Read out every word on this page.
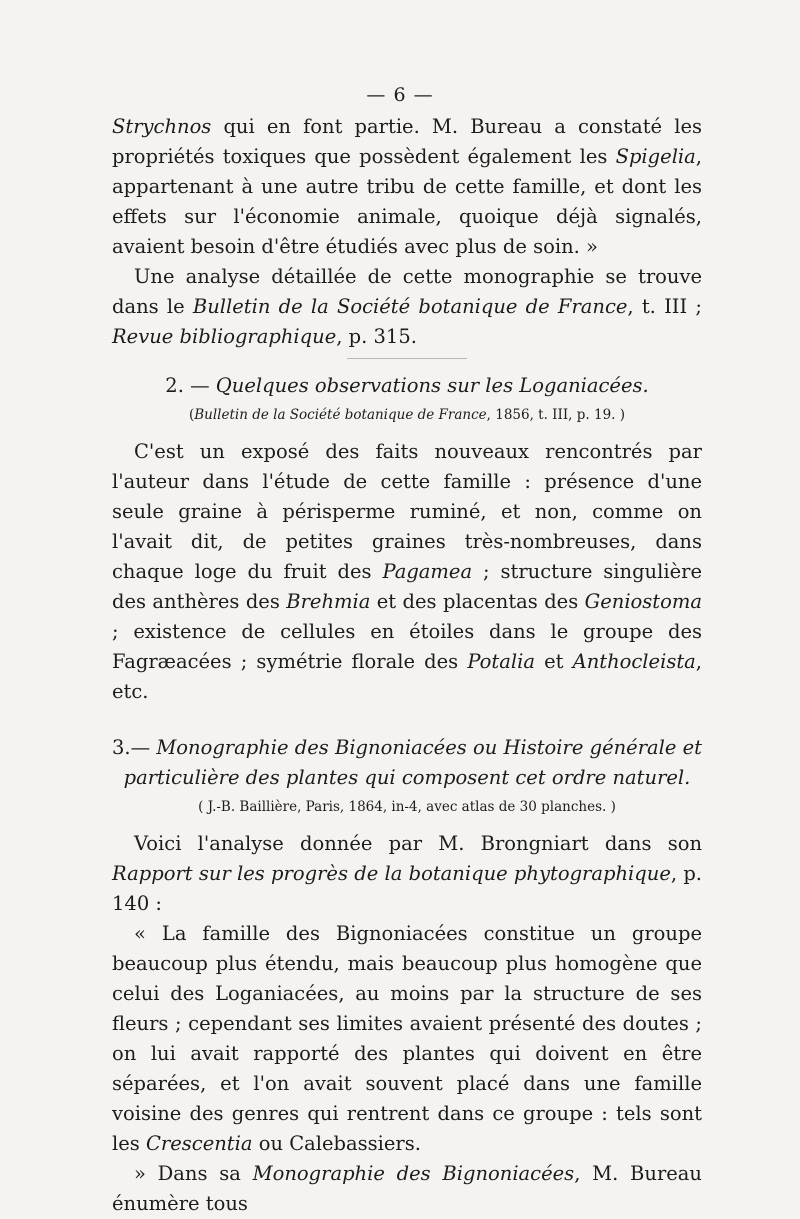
— 6 —

Strychnos qui en font partie. M. Bureau a constaté les propriétés toxiques que possèdent également les Spigelia, appartenant à une autre tribu de cette famille, et dont les effets sur l'économie animale, quoique déjà signalés, avaient besoin d'être étudiés avec plus de soin. »

Une analyse détaillée de cette monographie se trouve dans le Bulletin de la Société botanique de France, t. III ; Revue bibliographique, p. 315.

2. — Quelques observations sur les Loganiacées.

(Bulletin de la Société botanique de France, 1856, t. III, p. 19. )

C'est un exposé des faits nouveaux rencontrés par l'auteur dans l'étude de cette famille : présence d'une seule graine à périsperme ruminé, et non, comme on l'avait dit, de petites graines très-nombreuses, dans chaque loge du fruit des Pagamea ; structure singulière des anthères des Brehmia et des placentas des Geniostoma ; existence de cellules en étoiles dans le groupe des Fagræacées ; symétrie florale des Potalia et Anthocleista, etc.

3.— Monographie des Bignoniacées ou Histoire générale et particulière des plantes qui composent cet ordre naturel.

( J.-B. Baillière, Paris, 1864, in-4, avec atlas de 30 planches. )

Voici l'analyse donnée par M. Brongniart dans son Rapport sur les progrès de la botanique phytographique, p. 140 :

« La famille des Bignoniacées constitue un groupe beaucoup plus étendu, mais beaucoup plus homogène que celui des Loganiacées, au moins par la structure de ses fleurs ; cependant ses limites avaient présenté des doutes ; on lui avait rapporté des plantes qui doivent en être séparées, et l'on avait souvent placé dans une famille voisine des genres qui rentrent dans ce groupe : tels sont les Crescentia ou Calebassiers.

» Dans sa Monographie des Bignoniacées, M. Bureau énumère tous
